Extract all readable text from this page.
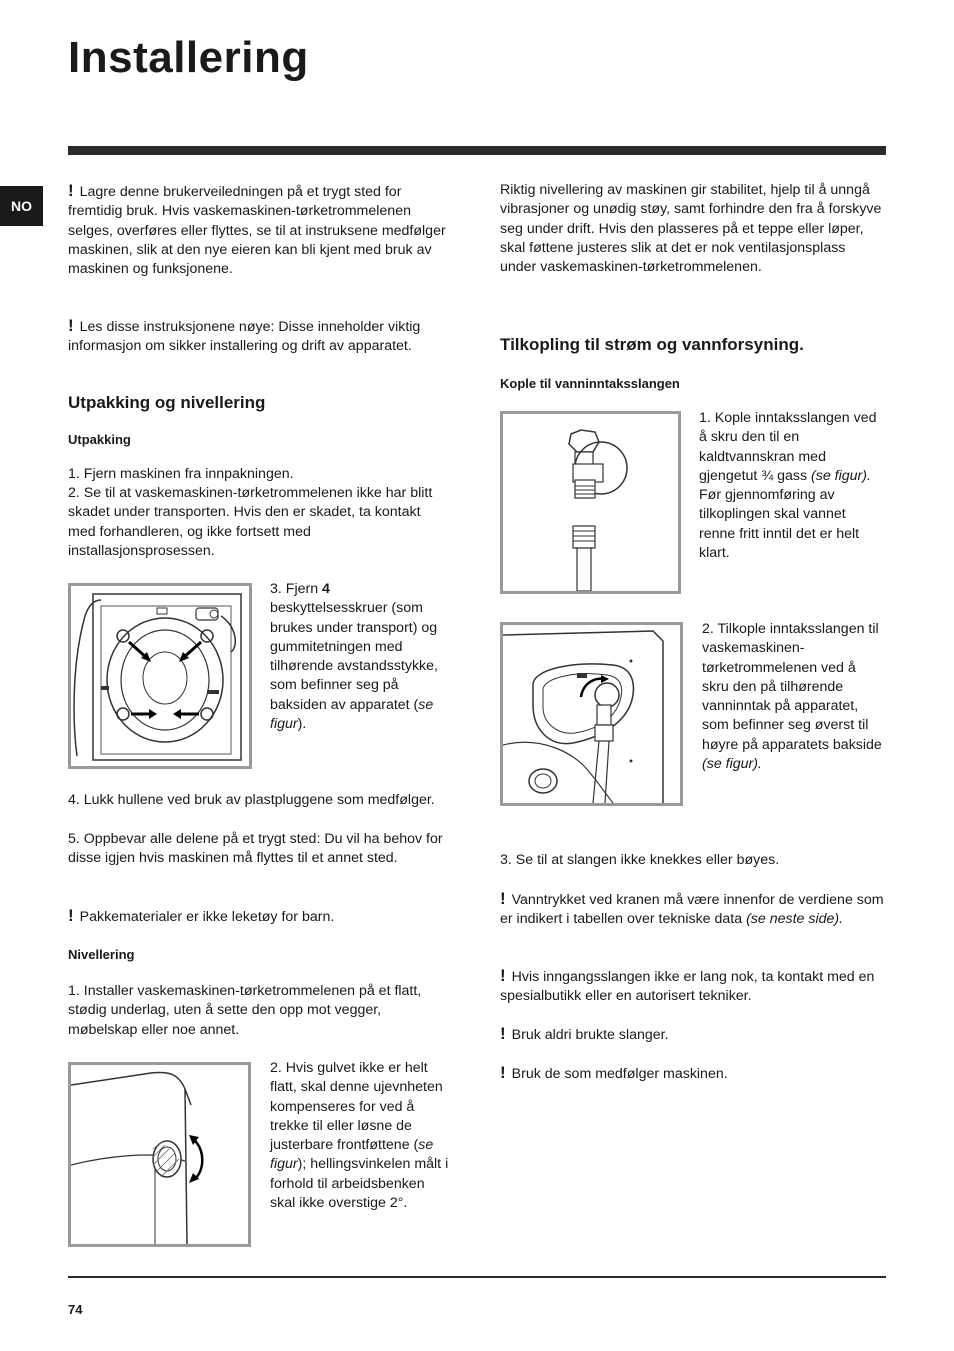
Installering
NO

! Lagre denne brukerveiledningen på et trygt sted for fremtidig bruk. Hvis vaskemaskinen-tørketrommelenen selges, overføres eller flyttes, se til at instruksene medfølger maskinen, slik at den nye eieren kan bli kjent med bruk av maskinen og funksjonene.

! Les disse instruksjonene nøye: Disse inneholder viktig informasjon om sikker installering og drift av apparatet.

Utpakking og nivellering
Utpakking

1. Fjern maskinen fra innpakningen.

2. Se til at vaskemaskinen-tørketrommelenen ikke har blitt skadet under transporten. Hvis den er skadet, ta kontakt med forhandleren, og ikke fortsett med installasjonsprosessen.

3. Fjern 4 beskyttelsesskruer (som brukes under transport) og gummitetningen med tilhørende avstandsstykke, som befinner seg på baksiden av apparatet (se figur).

4. Lukk hullene ved bruk av plastpluggene som medfølger.

5. Oppbevar alle delene på et trygt sted: Du vil ha behov for disse igjen hvis maskinen må flyttes til et annet sted.

! Pakkematerialer er ikke leketøy for barn.

Nivellering

1. Installer vaskemaskinen-tørketrommelenen på et flatt, stødig underlag, uten å sette den opp mot vegger, møbelskap eller noe annet.

2. Hvis gulvet ikke er helt flatt, skal denne ujevnheten kompenseres for ved å trekke til eller løsne de justerbare frontføttene (se figur); hellingsvinkelen målt i forhold til arbeidsbenken skal ikke overstige 2°.

Riktig nivellering av maskinen gir stabilitet, hjelp til å unngå vibrasjoner og unødig støy, samt forhindre den fra å forskyve seg under drift. Hvis den plasseres på et teppe eller løper, skal føttene justeres slik at det er nok ventilasjonsplass under vaskemaskinen-tørketrommelenen.

Tilkopling til strøm og vannforsyning.
Kople til vanninntaksslangen

1. Kople inntaksslangen ved å skru den til en kaldtvannskran med gjengetut ¾ gass (se figur).
Før gjennomføring av tilkoplingen skal vannet renne fritt inntil det er helt klart.

2. Tilkople inntaksslangen til vaskemaskinen-tørketrommelenen ved å skru den på tilhørende vanninntak på apparatet, som befinner seg øverst til høyre på apparatets bakside (se figur).

3. Se til at slangen ikke knekkes eller bøyes.

! Vanntrykket ved kranen må være innenfor de verdiene som er indikert i tabellen over tekniske data (se neste side).

! Hvis inngangsslangen ikke er lang nok, ta kontakt med en spesialbutikk eller en autorisert tekniker.

! Bruk aldri brukte slanger.

! Bruk de som medfølger maskinen.

74
